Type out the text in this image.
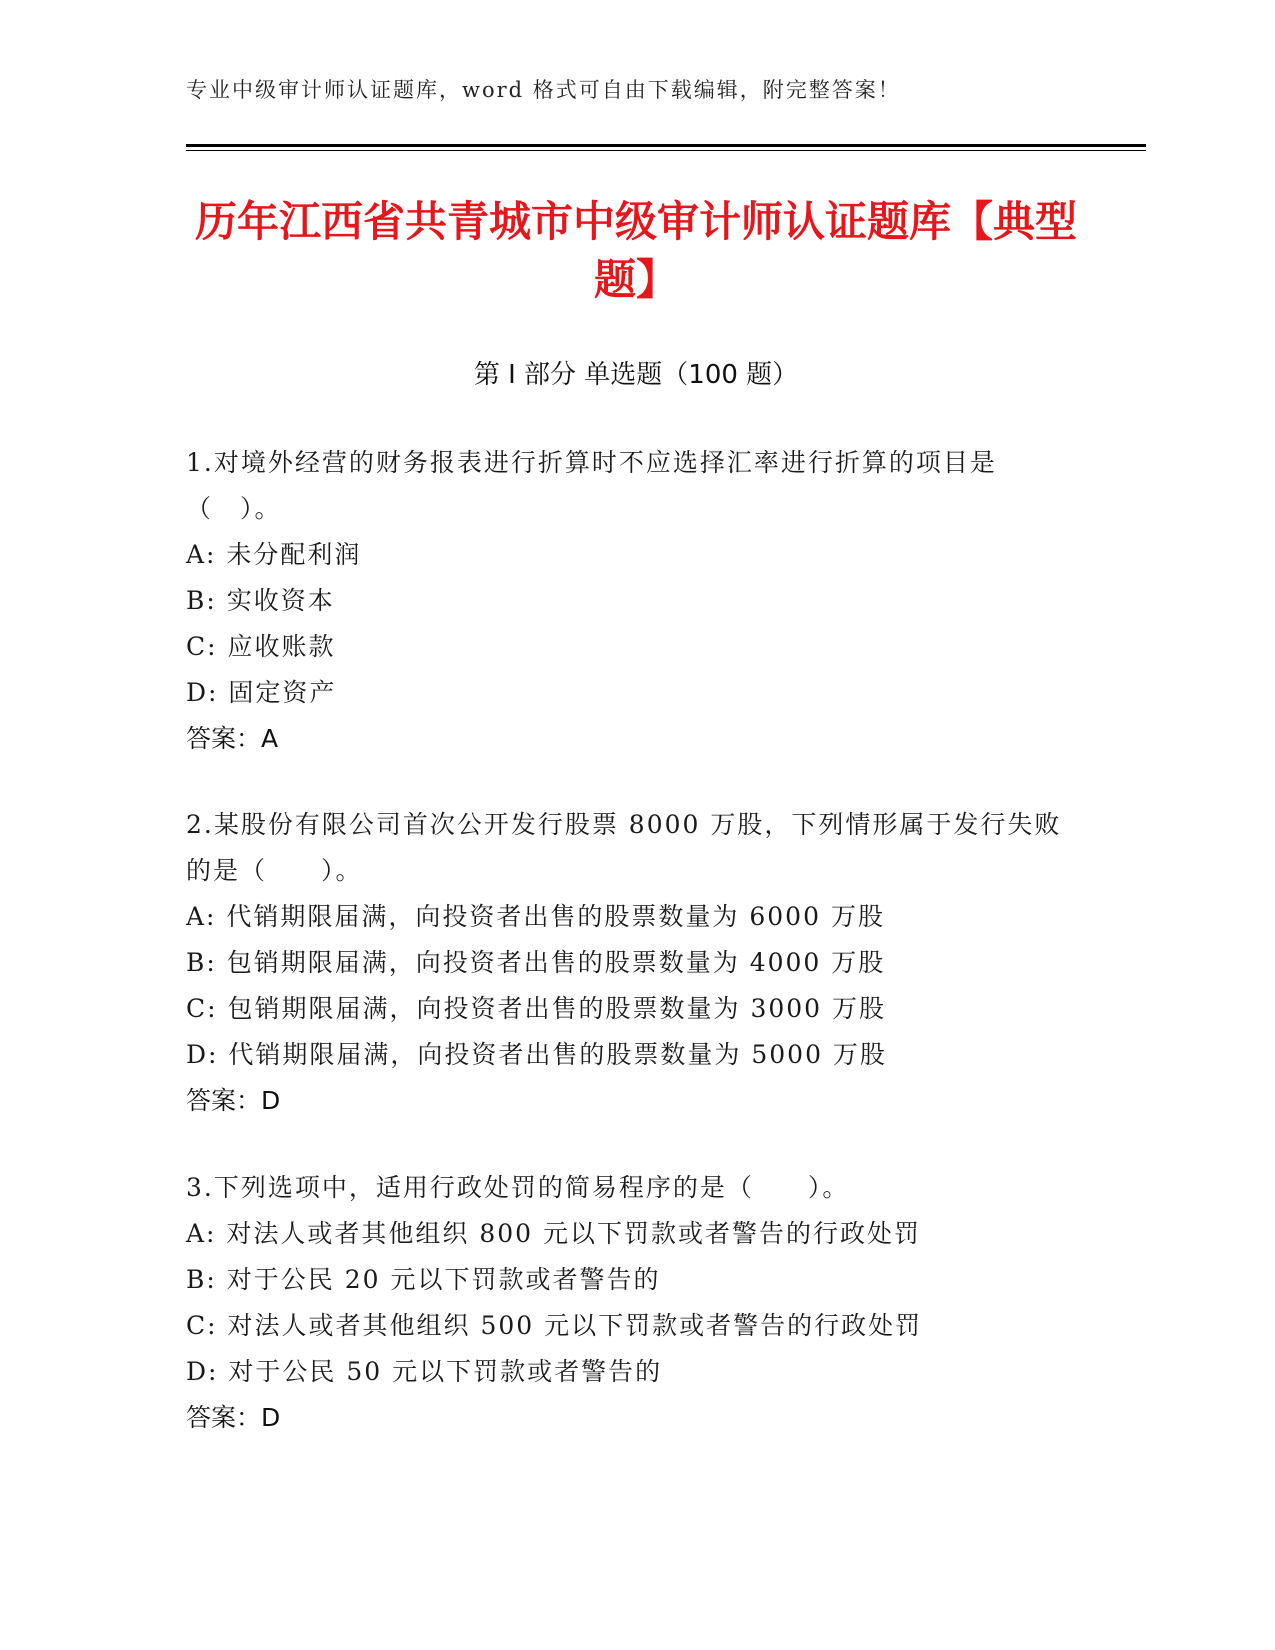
专业中级审计师认证题库，word 格式可自由下载编辑，附完整答案！
历年江西省共青城市中级审计师认证题库【典型题】
第 I 部分 单选题（100 题）

1.对境外经营的财务报表进行折算时不应选择汇率进行折算的项目是（　）。

A: 未分配利润

B: 实收资本

C: 应收账款

D: 固定资产

答案：A

2.某股份有限公司首次公开发行股票 8000 万股，下列情形属于发行失败的是（　　）。

A: 代销期限届满，向投资者出售的股票数量为 6000 万股

B: 包销期限届满，向投资者出售的股票数量为 4000 万股

C: 包销期限届满，向投资者出售的股票数量为 3000 万股

D: 代销期限届满，向投资者出售的股票数量为 5000 万股

答案：D

3.下列选项中，适用行政处罚的简易程序的是（　　）。

A: 对法人或者其他组织 800 元以下罚款或者警告的行政处罚

B: 对于公民 20 元以下罚款或者警告的

C: 对法人或者其他组织 500 元以下罚款或者警告的行政处罚

D: 对于公民 50 元以下罚款或者警告的

答案：D
